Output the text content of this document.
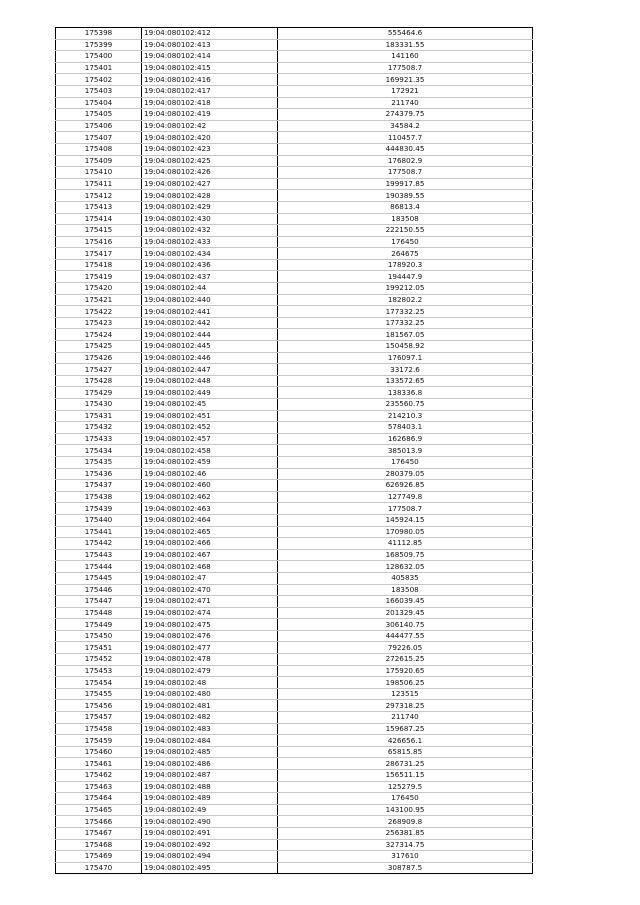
175398	19:04:080102:412	555464.6
175399	19:04:080102:413	183331.55
175400	19:04:080102:414	141160
175401	19:04:080102:415	177508.7
175402	19:04:080102:416	169921.35
175403	19:04:080102:417	172921
175404	19:04:080102:418	211740
175405	19:04:080102:419	274379.75
175406	19:04:080102:42	34584.2
175407	19:04:080102:420	110457.7
175408	19:04:080102:423	444830.45
175409	19:04:080102:425	176802.9
175410	19:04:080102:426	177508.7
175411	19:04:080102:427	199917.85
175412	19:04:080102:428	190389.55
175413	19:04:080102:429	86813.4
175414	19:04:080102:430	183508
175415	19:04:080102:432	222150.55
175416	19:04:080102:433	176450
175417	19:04:080102:434	264675
175418	19:04:080102:436	178920.3
175419	19:04:080102:437	194447.9
175420	19:04:080102:44	199212.05
175421	19:04:080102:440	182802.2
175422	19:04:080102:441	177332.25
175423	19:04:080102:442	177332.25
175424	19:04:080102:444	181567.05
175425	19:04:080102:445	150458.92
175426	19:04:080102:446	176097.1
175427	19:04:080102:447	33172.6
175428	19:04:080102:448	133572.65
175429	19:04:080102:449	138336.8
175430	19:04:080102:45	235560.75
175431	19:04:080102:451	214210.3
175432	19:04:080102:452	578403.1
175433	19:04:080102:457	162686.9
175434	19:04:080102:458	385013.9
175435	19:04:080102:459	176450
175436	19:04:080102:46	280379.05
175437	19:04:080102:460	626926.85
175438	19:04:080102:462	127749.8
175439	19:04:080102:463	177508.7
175440	19:04:080102:464	145924.15
175441	19:04:080102:465	170980.05
175442	19:04:080102:466	41112.85
175443	19:04:080102:467	168509.75
175444	19:04:080102:468	128632.05
175445	19:04:080102:47	405835
175446	19:04:080102:470	183508
175447	19:04:080102:471	166039.45
175448	19:04:080102:474	201329.45
175449	19:04:080102:475	306140.75
175450	19:04:080102:476	444477.55
175451	19:04:080102:477	79226.05
175452	19:04:080102:478	272615.25
175453	19:04:080102:479	175920.65
175454	19:04:080102:48	198506.25
175455	19:04:080102:480	123515
175456	19:04:080102:481	297318.25
175457	19:04:080102:482	211740
175458	19:04:080102:483	159687.25
175459	19:04:080102:484	426656.1
175460	19:04:080102:485	65815.85
175461	19:04:080102:486	286731.25
175462	19:04:080102:487	156511.15
175463	19:04:080102:488	125279.5
175464	19:04:080102:489	176450
175465	19:04:080102:49	143100.95
175466	19:04:080102:490	268909.8
175467	19:04:080102:491	256381.85
175468	19:04:080102:492	327314.75
175469	19:04:080102:494	317610
175470	19:04:080102:495	308787.5
